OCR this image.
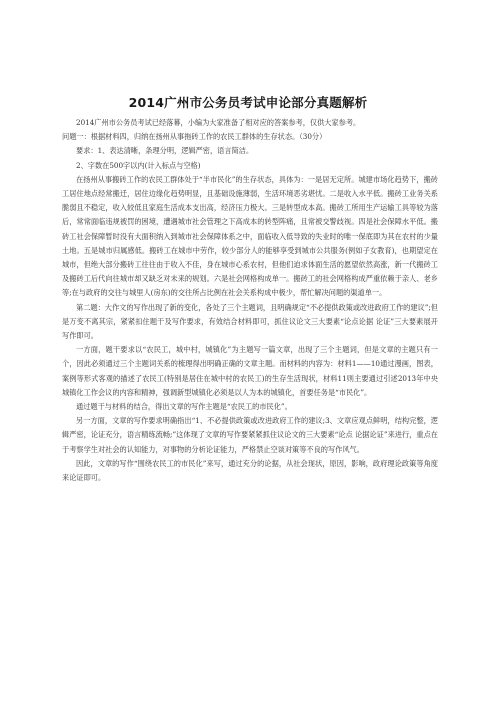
2014广州市公务员考试申论部分真题解析

2014广州市公务员考试已经落幕，小编为大家准备了相对应的答案参考，仅供大家参考。

问题一：根据材料四，归纳在扬州从事拖砖工作的农民工群体的生存状态。（30分）

要求：1、表达清晰，条理分明，逻辑严密，语言简洁。

2、字数在500字以内(计入标点与空格)

在扬州从事搬砖工作的农民工群体处于“半市民化”的生存状态，具体为：一是居无定所。城建市场化趋势下，搬砖工居住地点经常搬迁，居住边缘化趋势明显，且基础设施薄弱，生活环境恶劣堪忧。二是收入水平低。搬砖工业务关系脆弱且不稳定，收入较低且家庭生活成本支出高，经济压力极大。三是转型成本高。搬砖工所用生产运输工具等较为落后，常常面临违规被罚的困境，遭遇城市社会管理之下高成本的转型阵痛，且常被交警歧视。四是社会保障水平低。搬砖工社会保障暂时没有大面积纳入到城市社会保障体系之中，面临收入低导致的失业时的唯一保底即为其在农村的少量土地。五是城市归属感低。搬砖工在城市中劳作，较少部分人的能够享受到城市公共服务(例如子女教育)，也期望定在城市，但绝大部分搬砖工往往由于收入不佳，身在城市心系农村，但他们迫求体面生活的愿望依然高涨，新一代搬砖工及搬砖工后代向往城市却又缺乏对未来的规划。六是社会网格构成单一。搬砖工的社会网格构成严重依赖于亲人、老乡等;在与政府的交往与城里人(房东)的交往所占比例在社会关系构成中极少，帮忙解决问题的渠道单一。

第二题：大作文的写作出现了新的变化，各处了三个主题词，且明确规定“不必提供政策或改进政府工作的建议”;但是万变不离其宗，紧紧扣住题干及写作要求，有效结合材料即可，抓住议论文三大要素“论点论据 论证”三大要素展开写作即可。

一方面，题干要求以“农民工，城中村，城镇化”为主题写一篇文章，出现了三个主题词，但是文章的主题只有一个，因此必须通过三个主题词关系的梳理得出明确正确的文章主题。而材料的内容为：材料1——10通过漫画，图表，案例等形式客观的描述了农民工(特别是居住在城中村的农民工)的生存生活现状，材料11则主要通过引述2013年中央城镇化工作会议的内容和精神，强调新型城镇化必须是以人为本的城镇化，首要任务是“市民化”。

通过题干与材料的结合，得出文章的写作主题是“农民工的市民化”。

另一方面，文章的写作要求明确指出“1、不必提供政策或改进政府工作的建议;3、文章应观点鲜明，结构完整，逻辑严密，论证充分，语言精练流畅;”这体现了文章的写作要紧紧抓住议论文的三大要素“论点 论据论证”来进行，重点在于考察学生对社会的认知能力，对事物的分析论证能力，严格禁止空谈对策等不良的写作风气。

因此，文章的写作“围绕农民工的市民化”来写，通过充分的论据，从社会现状，原因，影响，政府理论政策等角度来论证即可。
